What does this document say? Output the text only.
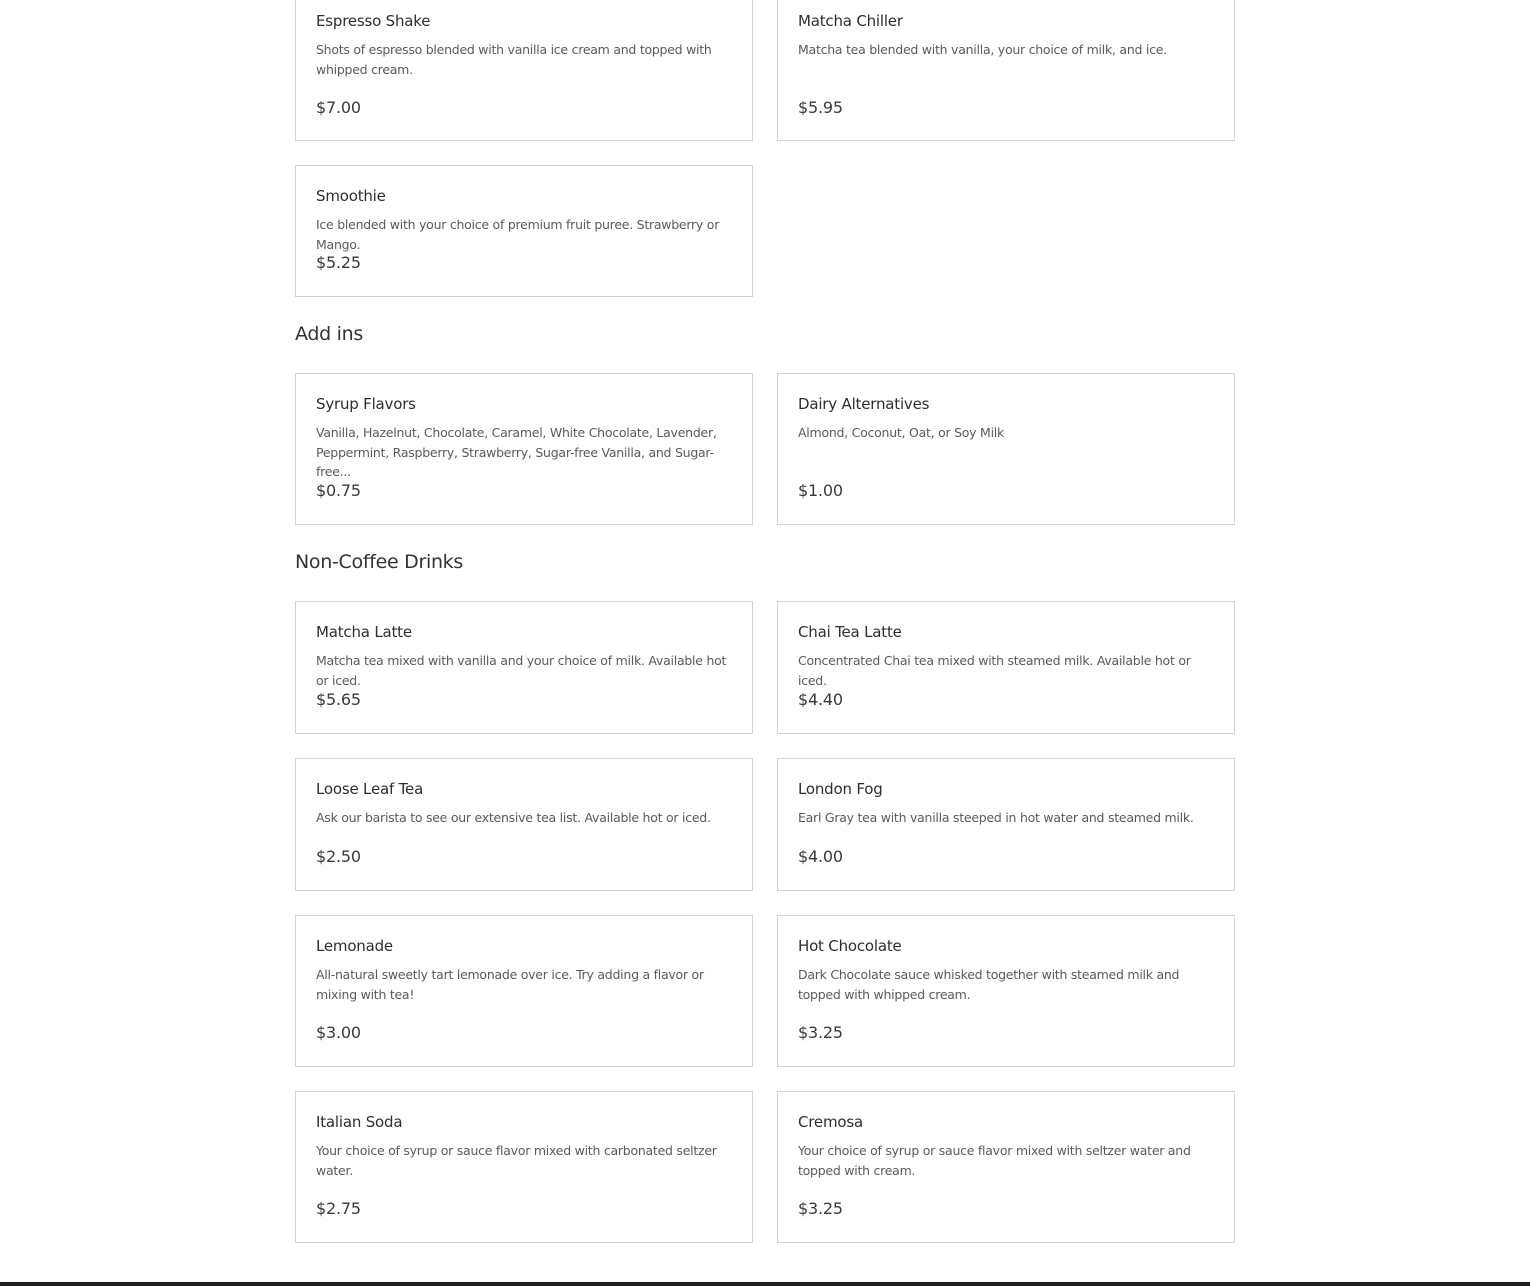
Espresso Shake
Shots of espresso blended with vanilla ice cream and topped with whipped cream.
$7.00
Matcha Chiller
Matcha tea blended with vanilla, your choice of milk, and ice.
$5.95
Smoothie
Ice blended with your choice of premium fruit puree. Strawberry or Mango.
$5.25
Add ins
Syrup Flavors
Vanilla, Hazelnut, Chocolate, Caramel, White Chocolate, Lavender, Peppermint, Raspberry, Strawberry, Sugar-free Vanilla, and Sugar-free...
$0.75
Dairy Alternatives
Almond, Coconut, Oat, or Soy Milk
$1.00
Non-Coffee Drinks
Matcha Latte
Matcha tea mixed with vanilla and your choice of milk. Available hot or iced.
$5.65
Chai Tea Latte
Concentrated Chai tea mixed with steamed milk. Available hot or iced.
$4.40
Loose Leaf Tea
Ask our barista to see our extensive tea list. Available hot or iced.
$2.50
London Fog
Earl Gray tea with vanilla steeped in hot water and steamed milk.
$4.00
Lemonade
All-natural sweetly tart lemonade over ice. Try adding a flavor or mixing with tea!
$3.00
Hot Chocolate
Dark Chocolate sauce whisked together with steamed milk and topped with whipped cream.
$3.25
Italian Soda
Your choice of syrup or sauce flavor mixed with carbonated seltzer water.
$2.75
Cremosa
Your choice of syrup or sauce flavor mixed with seltzer water and topped with cream.
$3.25
